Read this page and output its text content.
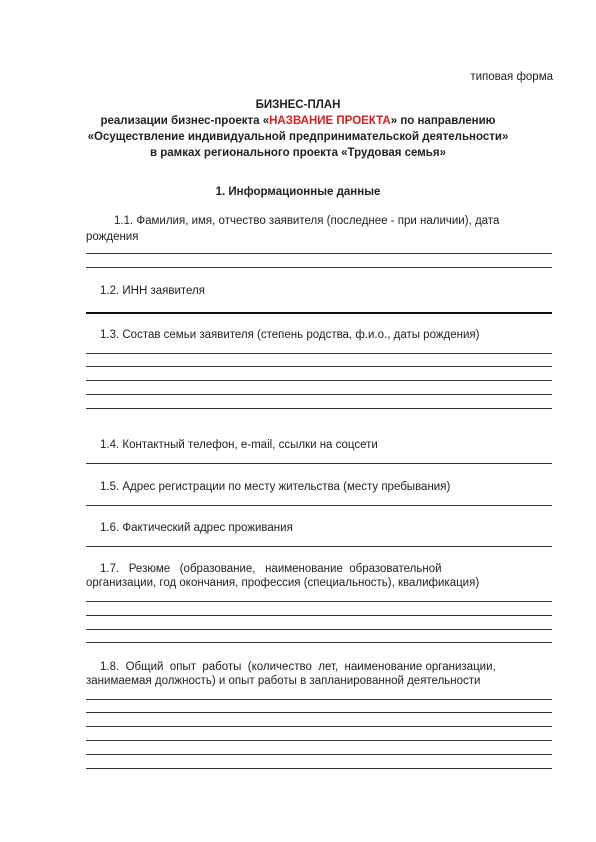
типовая форма
БИЗНЕС-ПЛАН
реализации бизнес-проекта «НАЗВАНИЕ ПРОЕКТА» по направлению
«Осуществление индивидуальной предпринимательской деятельности»
в рамках регионального проекта «Трудовая семья»
1. Информационные данные
1.1. Фамилия, имя, отчество заявителя (последнее - при наличии), дата
рождения
1.2. ИНН заявителя
1.3. Состав семьи заявителя (степень родства, ф.и.о., даты рождения)
1.4. Контактный телефон, e-mail, ссылки на соцсети
1.5. Адрес регистрации по месту жительства (месту пребывания)
1.6. Фактический адрес проживания
1.7.   Резюме   (образование,   наименование  образовательной
организации, год окончания, профессия (специальность), квалификация)
1.8.  Общий  опыт  работы  (количество  лет,  наименование организации,
занимаемая должность) и опыт работы в запланированной деятельности
